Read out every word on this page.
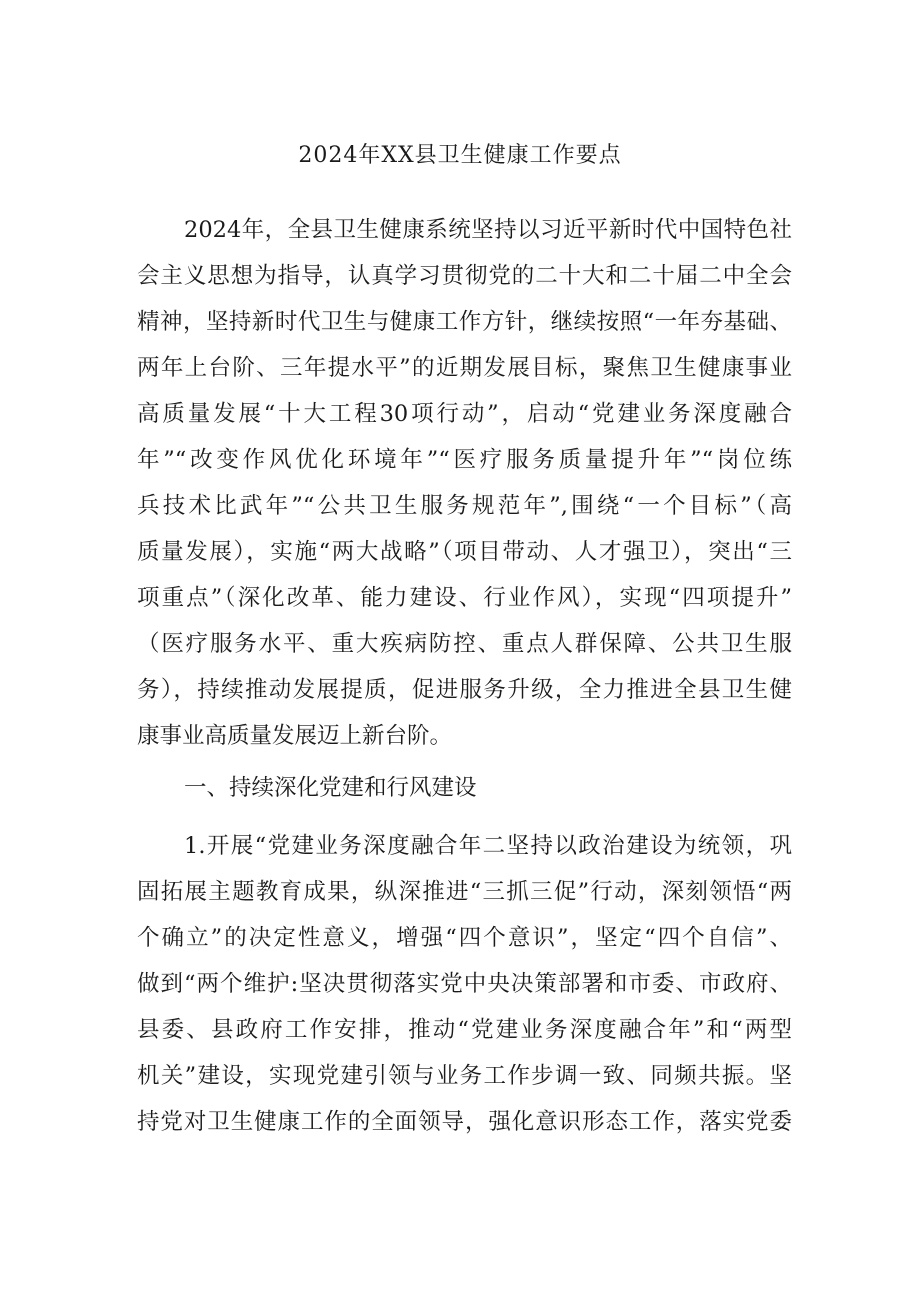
2024年XX县卫生健康工作要点

2024年，全县卫生健康系统坚持以习近平新时代中国特色社

会主义思想为指导，认真学习贯彻党的二十大和二十届二中全会

精神，坚持新时代卫生与健康工作方针，继续按照“一年夯基础、

两年上台阶、三年提水平”的近期发展目标，聚焦卫生健康事业

高质量发展“十大工程30项行动”，启动“党建业务深度融合

年”“改变作风优化环境年”“医疗服务质量提升年”“岗位练

兵技术比武年”“公共卫生服务规范年”,围绕“一个目标”（高

质量发展），实施“两大战略”（项目带动、人才强卫），突出“三

项重点”（深化改革、能力建设、行业作风），实现“四项提升”

（医疗服务水平、重大疾病防控、重点人群保障、公共卫生服

务），持续推动发展提质，促进服务升级，全力推进全县卫生健

康事业高质量发展迈上新台阶。

一、持续深化党建和行风建设

1.开展“党建业务深度融合年二坚持以政治建设为统领，巩

固拓展主题教育成果，纵深推进“三抓三促”行动，深刻领悟“两

个确立”的决定性意义，增强“四个意识”，坚定“四个自信”、

做到“两个维护:坚决贯彻落实党中央决策部署和市委、市政府、

县委、县政府工作安排，推动“党建业务深度融合年”和“两型

机关”建设，实现党建引领与业务工作步调一致、同频共振。坚

持党对卫生健康工作的全面领导，强化意识形态工作，落实党委
